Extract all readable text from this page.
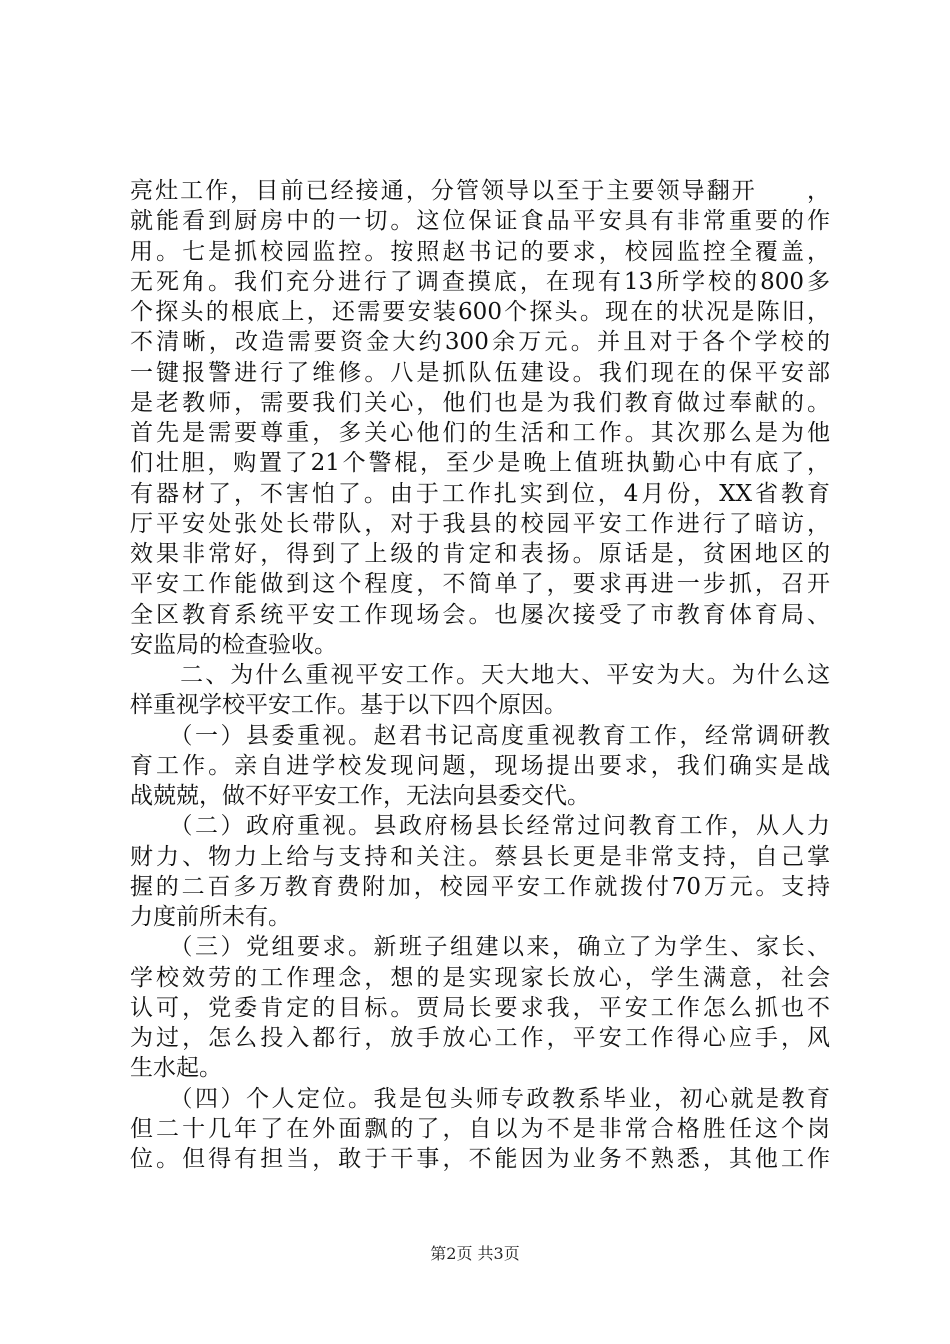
亮灶工作，目前已经接通，分管领导以至于主要领导翻开　　，
就能看到厨房中的一切。这位保证食品平安具有非常重要的作
用。七是抓校园监控。按照赵书记的要求，校园监控全覆盖，
无死角。我们充分进行了调查摸底，在现有13所学校的800多
个探头的根底上，还需要安装600个探头。现在的状况是陈旧，
不清晰，改造需要资金大约300余万元。并且对于各个学校的
一键报警进行了维修。八是抓队伍建设。我们现在的保平安部
是老教师，需要我们关心，他们也是为我们教育做过奉献的。
首先是需要尊重，多关心他们的生活和工作。其次那么是为他
们壮胆，购置了21个警棍，至少是晚上值班执勤心中有底了，
有器材了，不害怕了。由于工作扎实到位，4月份，XX省教育
厅平安处张处长带队，对于我县的校园平安工作进行了暗访，
效果非常好，得到了上级的肯定和表扬。原话是，贫困地区的
平安工作能做到这个程度，不简单了，要求再进一步抓，召开
全区教育系统平安工作现场会。也屡次接受了市教育体育局、
安监局的检查验收。
　　二、为什么重视平安工作。天大地大、平安为大。为什么这
样重视学校平安工作。基于以下四个原因。
　　（一）县委重视。赵君书记高度重视教育工作，经常调研教
育工作。亲自进学校发现问题，现场提出要求，我们确实是战
战兢兢，做不好平安工作，无法向县委交代。
　　（二）政府重视。县政府杨县长经常过问教育工作，从人力
财力、物力上给与支持和关注。蔡县长更是非常支持，自己掌
握的二百多万教育费附加，校园平安工作就拨付70万元。支持
力度前所未有。
　　（三）党组要求。新班子组建以来，确立了为学生、家长、
学校效劳的工作理念，想的是实现家长放心，学生满意，社会
认可，党委肯定的目标。贾局长要求我，平安工作怎么抓也不
为过，怎么投入都行，放手放心工作，平安工作得心应手，风
生水起。
　　（四）个人定位。我是包头师专政教系毕业，初心就是教育
但二十几年了在外面飘的了，自以为不是非常合格胜任这个岗
位。但得有担当，敢于干事，不能因为业务不熟悉，其他工作
第2页 共3页
